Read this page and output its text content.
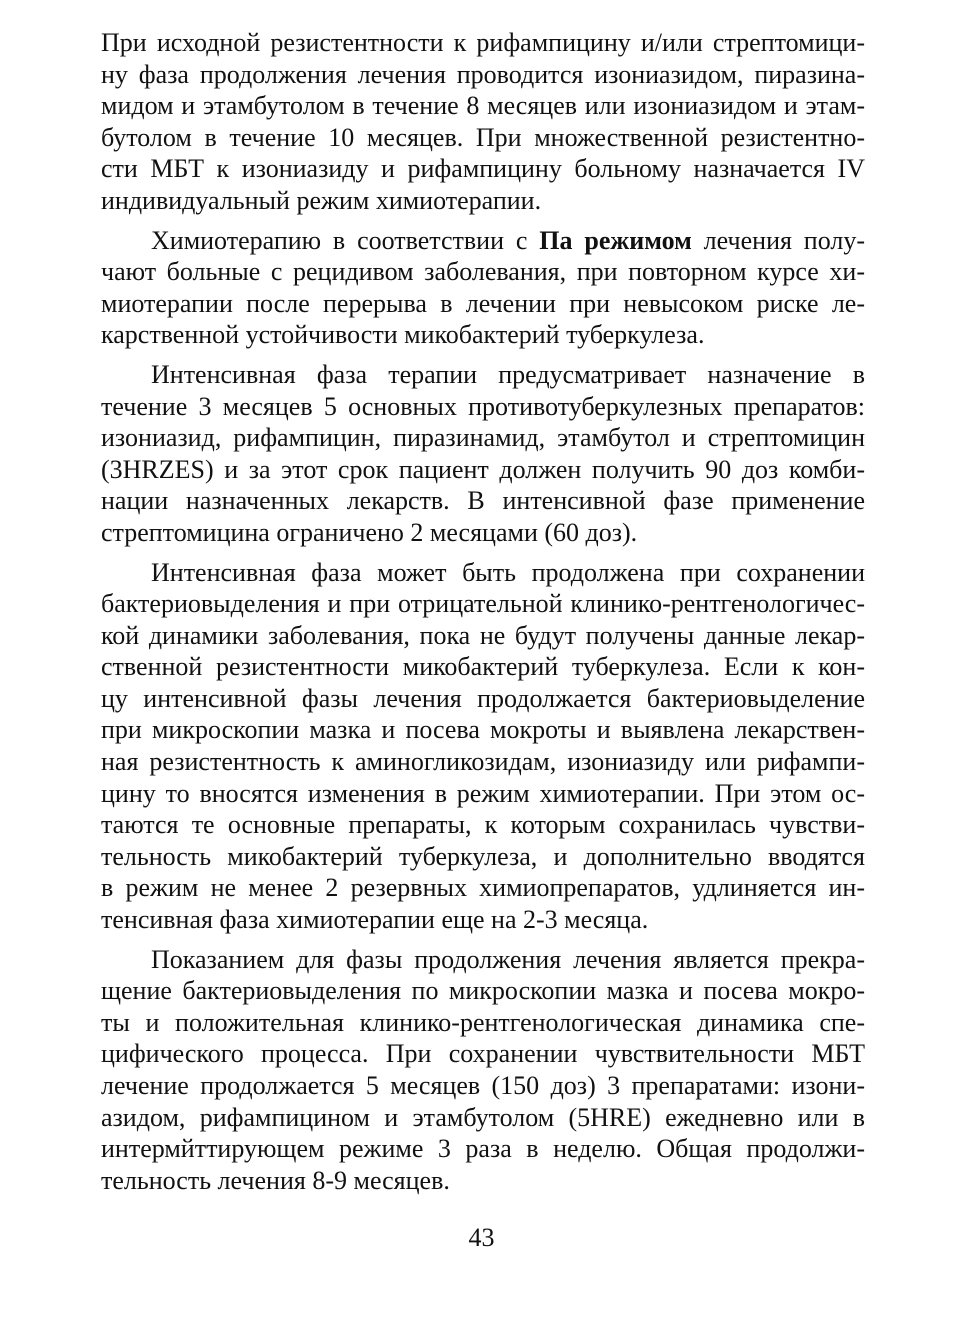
При исходной резистентности к рифампицину и/или стрептомици-
ну фаза продолжения лечения проводится изониазидом, пиразина-
мидом и этамбутолом в течение 8 месяцев или изониазидом и этам-
бутолом в течение 10 месяцев. При множественной резистентно-
сти МБТ к изониазиду и рифампицину больному назначается IV
индивидуальный режим химиотерапии.
Химиотерапию в соответствии с Па режимом лечения полу-
чают больные с рецидивом заболевания, при повторном курсе хи-
миотерапии после перерыва в лечении при невысоком риске ле-
карственной устойчивости микобактерий туберкулеза.
Интенсивная фаза терапии предусматривает назначение в
течение 3 месяцев 5 основных противотуберкулезных препаратов:
изониазид, рифампицин, пиразинамид, этамбутол и стрептомицин
(3HRZES) и за этот срок пациент должен получить 90 доз комби-
нации назначенных лекарств. В интенсивной фазе применение
стрептомицина ограничено 2 месяцами (60 доз).
Интенсивная фаза может быть продолжена при сохранении
бактериовыделения и при отрицательной клинико-рентгенологичес-
кой динамики заболевания, пока не будут получены данные лекар-
ственной резистентности микобактерий туберкулеза. Если к кон-
цу интенсивной фазы лечения продолжается бактериовыделение
при микроскопии мазка и посева мокроты и выявлена лекарствен-
ная резистентность к аминогликозидам, изониазиду или рифампи-
цину то вносятся изменения в режим химиотерапии. При этом ос-
таются те основные препараты, к которым сохранилась чувстви-
тельность микобактерий туберкулеза, и дополнительно вводятся
в режим не менее 2 резервных химиопрепаратов, удлиняется ин-
тенсивная фаза химиотерапии еще на 2-3 месяца.
Показанием для фазы продолжения лечения является прекра-
щение бактериовыделения по микроскопии мазка и посева мокро-
ты и положительная клинико-рентгенологическая динамика спе-
цифического процесса. При сохранении чувствительности МБТ
лечение продолжается 5 месяцев (150 доз) 3 препаратами: изони-
азидом, рифампицином и этамбутолом (5HRE) ежедневно или в
интермйттирующем режиме 3 раза в неделю. Общая продолжи-
тельность лечения 8-9 месяцев.
43
